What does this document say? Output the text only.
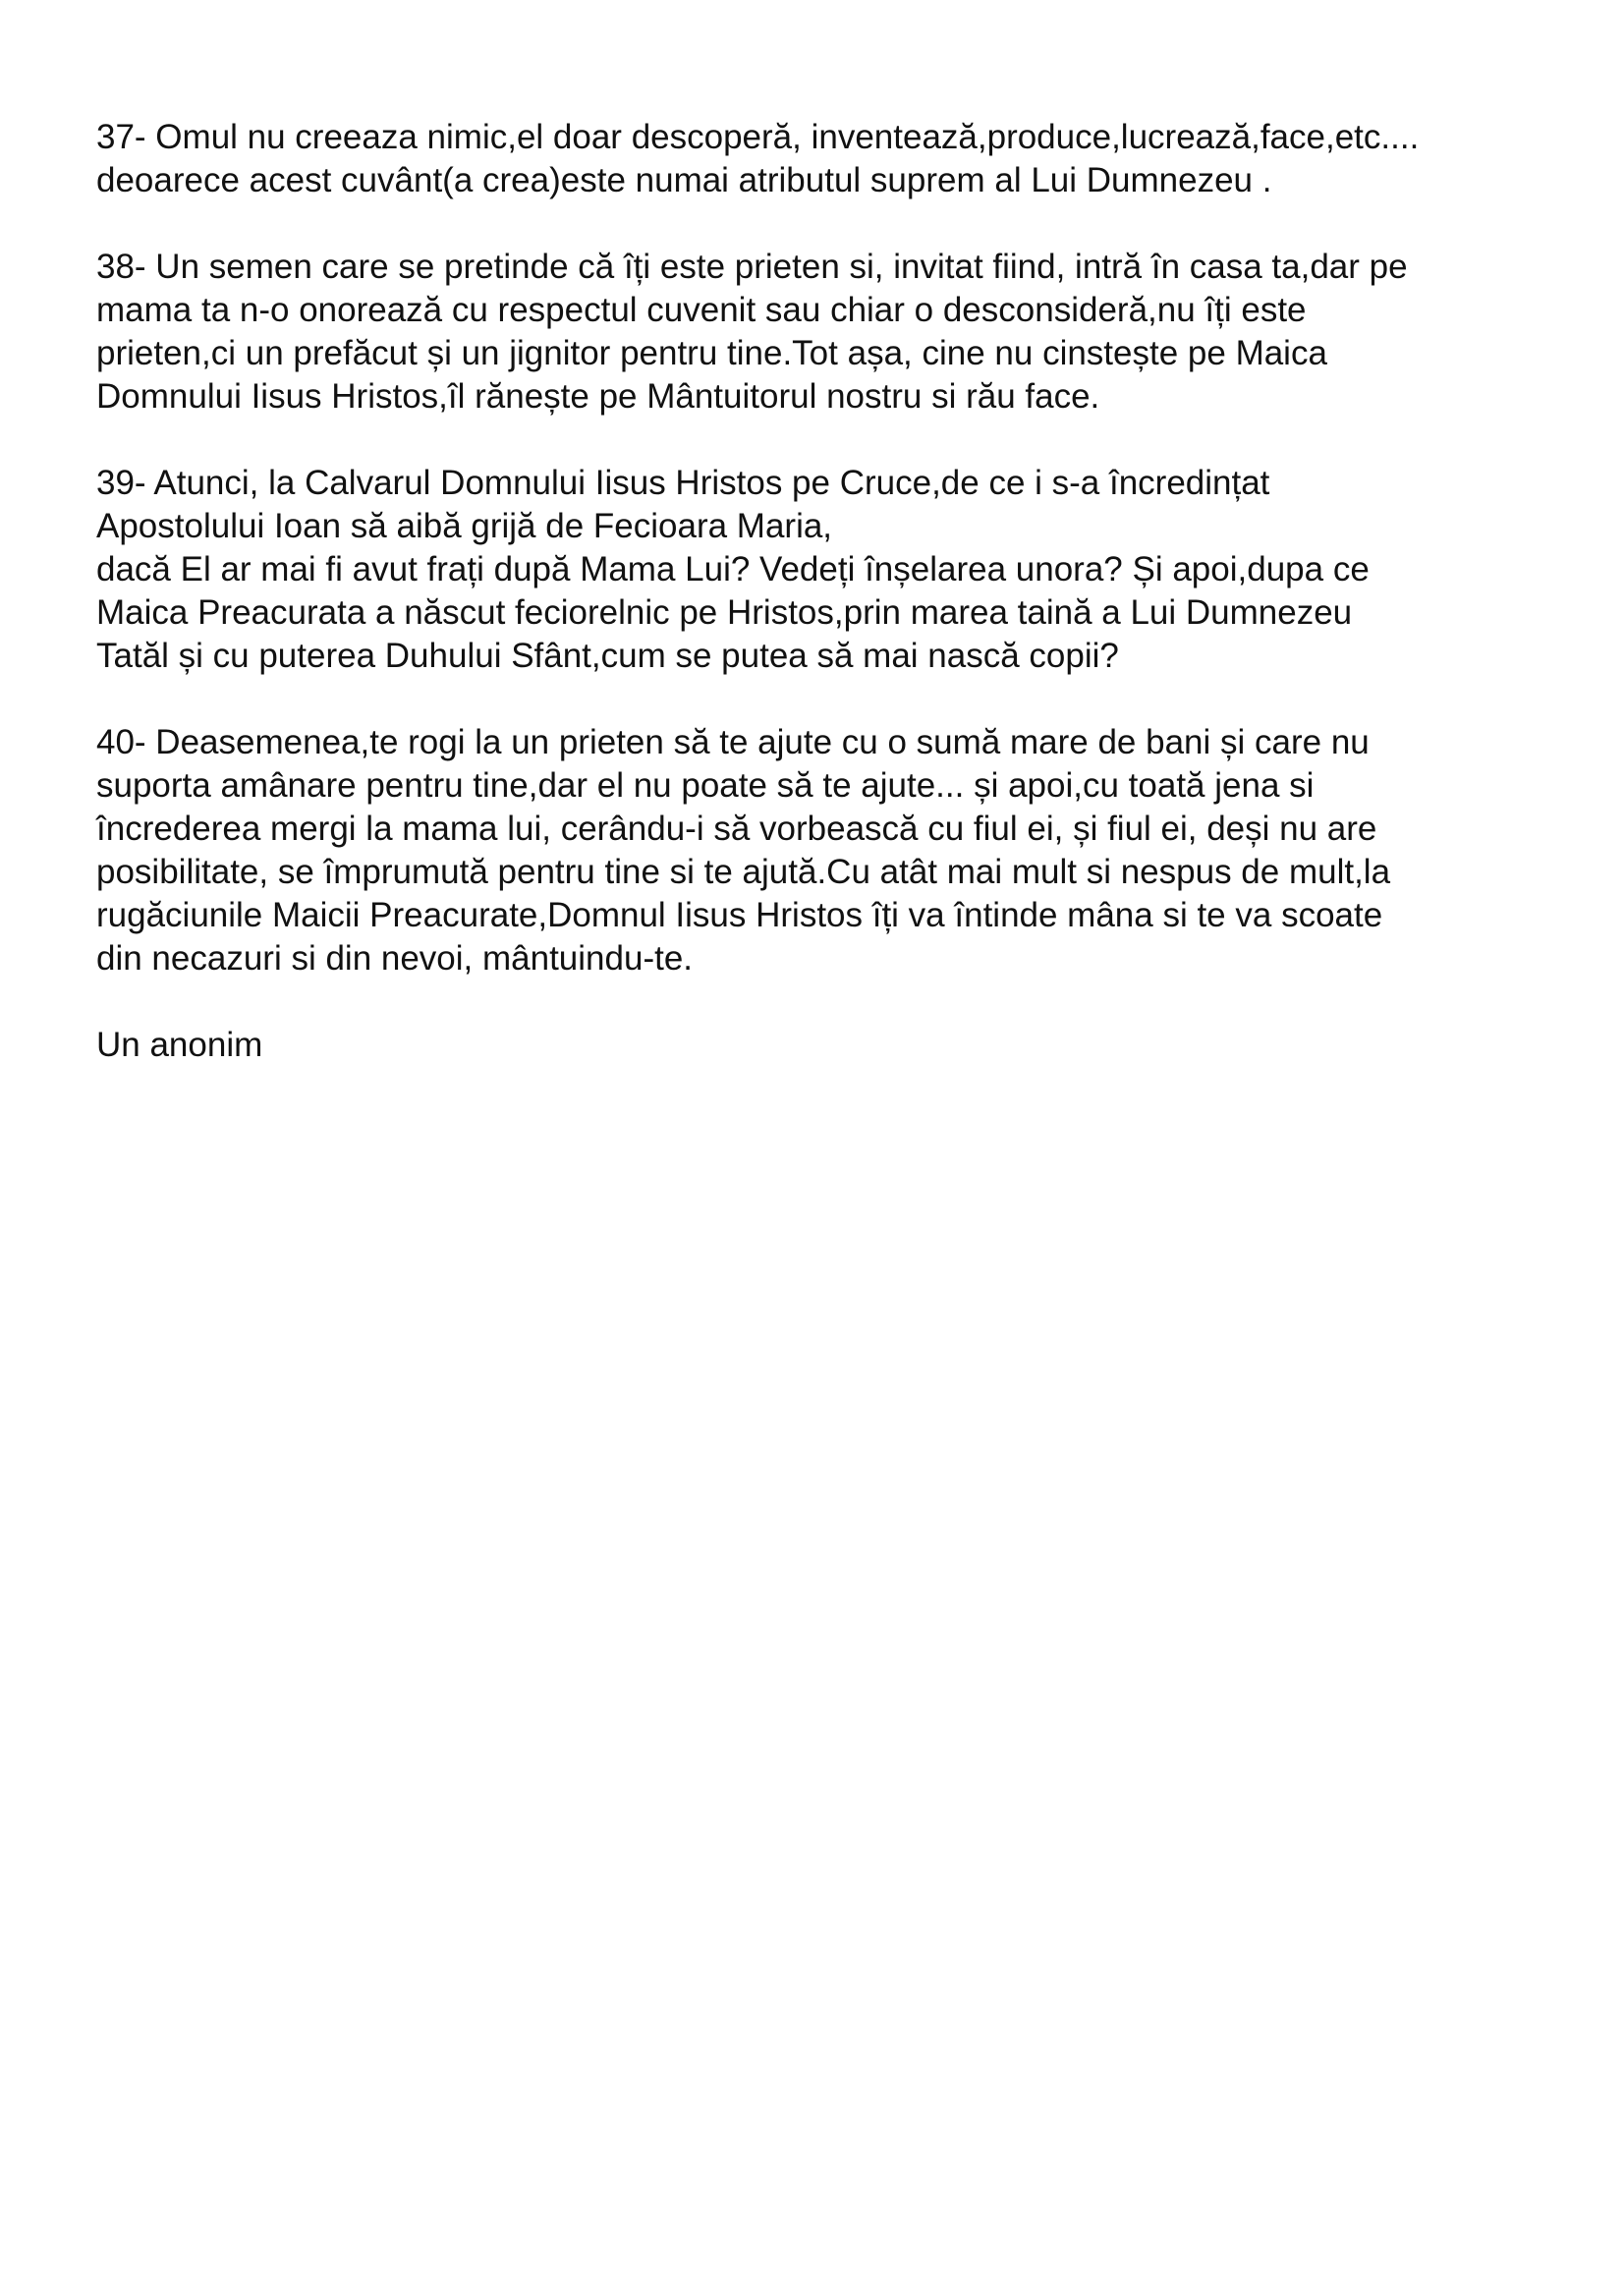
37- Omul nu creeaza nimic,el doar descoperă, inventează,produce,lucrează,face,etc....
deoarece acest cuvânt(a crea)este numai atributul suprem al Lui Dumnezeu .
38- Un semen care se pretinde că îți este prieten si, invitat fiind, intră în casa ta,dar pe
mama ta n-o onorează cu respectul cuvenit sau chiar o desconsideră,nu îți este
prieten,ci un prefăcut și un jignitor pentru tine.Tot așa, cine nu cinstește pe Maica
Domnului Iisus Hristos,îl rănește pe Mântuitorul nostru si rău face.
39- Atunci, la Calvarul Domnului Iisus Hristos pe Cruce,de ce i s-a încredințat
Apostolului Ioan să aibă grijă de Fecioara Maria,
dacă El ar mai fi avut frați după Mama Lui? Vedeți înșelarea unora? Și apoi,dupa ce
Maica Preacurata a născut feciorelnic pe Hristos,prin marea taină a Lui Dumnezeu
Tatăl și cu puterea Duhului Sfânt,cum se putea să mai nască copii?
40- Deasemenea,te rogi la un prieten să te ajute cu o sumă mare de bani și care nu
suporta amânare pentru tine,dar el nu poate să te ajute... și apoi,cu toată jena si
încrederea mergi la mama lui, cerându-i să vorbească cu fiul ei, și fiul ei, deși nu are
posibilitate, se împrumută pentru tine si te ajută.Cu atât mai mult si nespus de mult,la
rugăciunile Maicii Preacurate,Domnul Iisus Hristos îți va întinde mâna si te va scoate
din necazuri si din nevoi, mântuindu-te.

Un anonim
